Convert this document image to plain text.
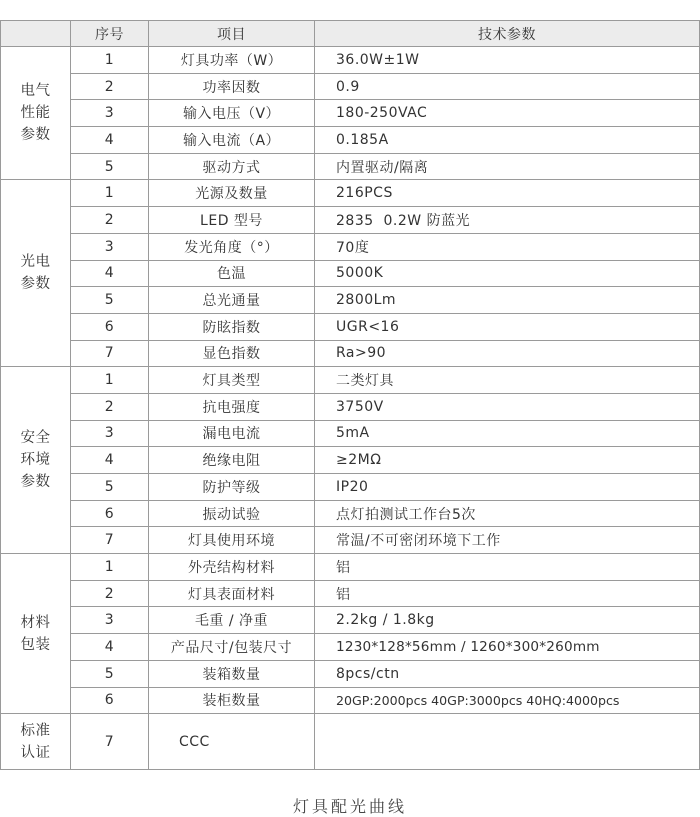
	序号	项目	技术参数

电气
性能
参数	1	灯具功率（W）	36.0W±1W
	2	功率因数	0.9
	3	输入电压（V）	180-250VAC
	4	输入电流（A）	0.185A
	5	驱动方式	内置驱动/隔离

光电
参数	1	光源及数量	216PCS
	2	LED 型号	2835  0.2W 防蓝光
	3	发光角度（°）	70度
	4	色温	5000K
	5	总光通量	2800Lm
	6	防眩指数	UGR<16
	7	显色指数	Ra>90

安全
环境
参数	1	灯具类型	二类灯具
	2	抗电强度	3750V
	3	漏电电流	5mA
	4	绝缘电阻	≥2MΩ
	5	防护等级	IP20
	6	振动试验	点灯拍测试工作台5次
	7	灯具使用环境	常温/不可密闭环境下工作

材料
包装	1	外壳结构材料	铝
	2	灯具表面材料	铝
	3	毛重 / 净重	2.2kg / 1.8kg
	4	产品尺寸/包装尺寸	1230*128*56mm / 1260*300*260mm
	5	装箱数量	8pcs/ctn
	6	装柜数量	20GP:2000pcs 40GP:3000pcs 40HQ:4000pcs

标准
认证	7	CCC	
灯具配光曲线
